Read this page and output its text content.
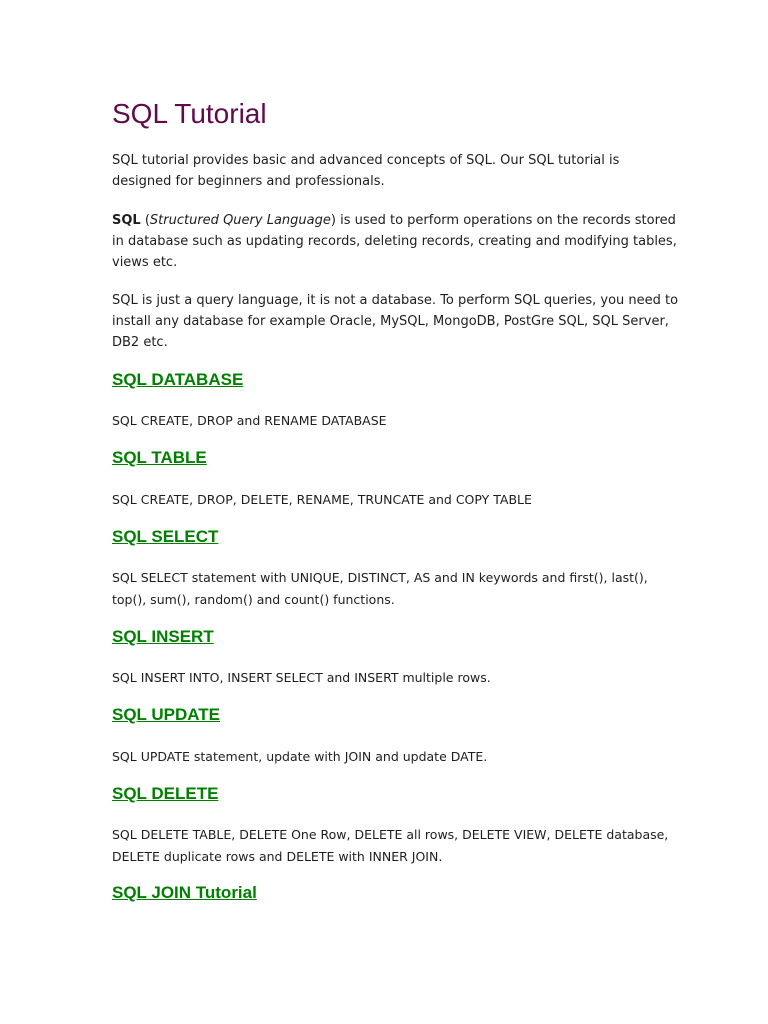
SQL Tutorial

SQL tutorial provides basic and advanced concepts of SQL. Our SQL tutorial is designed for beginners and professionals.

SQL (Structured Query Language) is used to perform operations on the records stored in database such as updating records, deleting records, creating and modifying tables, views etc.

SQL is just a query language, it is not a database. To perform SQL queries, you need to install any database for example Oracle, MySQL, MongoDB, PostGre SQL, SQL Server, DB2 etc.

SQL DATABASE

SQL CREATE, DROP and RENAME DATABASE

SQL TABLE

SQL CREATE, DROP, DELETE, RENAME, TRUNCATE and COPY TABLE

SQL SELECT

SQL SELECT statement with UNIQUE, DISTINCT, AS and IN keywords and first(), last(), top(), sum(), random() and count() functions.

SQL INSERT

SQL INSERT INTO, INSERT SELECT and INSERT multiple rows.

SQL UPDATE

SQL UPDATE statement, update with JOIN and update DATE.

SQL DELETE

SQL DELETE TABLE, DELETE One Row, DELETE all rows, DELETE VIEW, DELETE database, DELETE duplicate rows and DELETE with INNER JOIN.

SQL JOIN Tutorial
